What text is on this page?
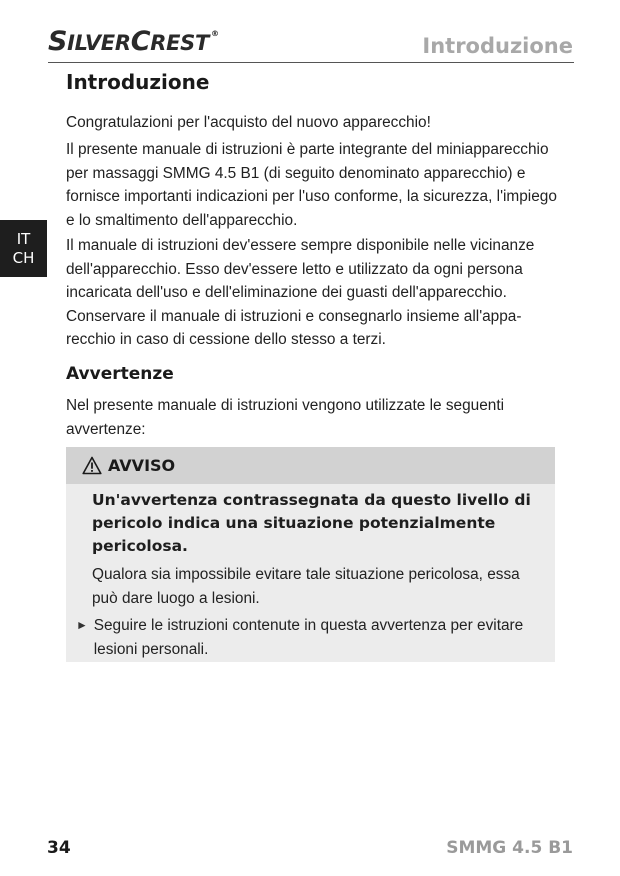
SILVERCREST ®
Introduzione
IT
CH
Introduzione

Congratulazioni per l'acquisto del nuovo apparecchio!

Il presente manuale di istruzioni è parte integrante del miniapparecchio per massaggi SMMG 4.5 B1 (di seguito denominato apparecchio) e fornisce importanti indicazioni per l'uso conforme, la sicurezza, l'impiego e lo smaltimento dell'apparecchio.

Il manuale di istruzioni dev'essere sempre disponibile nelle vicinanze dell'apparecchio. Esso dev'essere letto e utilizzato da ogni persona incaricata dell'uso e dell'eliminazione dei guasti dell'apparecchio. Conservare il manuale di istruzioni e consegnarlo insieme all'appa-recchio in caso di cessione dello stesso a terzi.

Avvertenze

Nel presente manuale di istruzioni vengono utilizzate le seguenti avvertenze:

AVVISO

Un'avvertenza contrassegnata da questo livello di pericolo indica una situazione potenzialmente pericolosa.

Qualora sia impossibile evitare tale situazione pericolosa, essa può dare luogo a lesioni.

► Seguire le istruzioni contenute in questa avvertenza per evitare lesioni personali.

34	SMMG 4.5 B1
